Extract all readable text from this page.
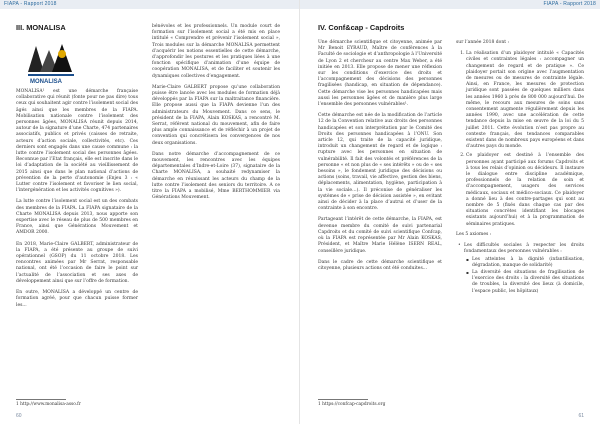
FIAPA - Rapport 2018
III. MONALISA
MONALISA

MONALISA¹ est une démarche française collaborative qui réunit (fonte pour ne pas dire) tous ceux qui souhaitent agir contre l’isolement social des âgés ainsi que les membres de la FIAPA. Mobilisation nationale contre l’isolement des personnes âgées, MONALISA réunit depuis 2014, autour de la signature d’une Charte, 474 partenaires associatifs, publics et privés (caisses de retraite, acteurs d’action sociale, collectivités, etc). Ces derniers sont engagés dans une cause commune : la lutte contre l’isolement social des personnes âgées. Reconnue par l’Etat français, elle est inscrite dans le loi d’adaptation de la société au vieillissement de 2015 ainsi que dans le plan national d’actions de prévention de la perte d’autonomie (Enjeu 3 : « Lutter contre l’isolement et favoriser le lien social, l’intergénération et les activités cognitives »).

La lutte contre l’isolement social est un des combats des membres de la FIAPA. La FIAPA signataire de la Charte MONALISA depuis 2013, nous apporte son expertise avec le réseau de plus de 500 membres en France, ainsi que Générations Mouvement et AMDOR 2000.

En 2018, Marie-Claire GALBERT, administrateur de la FIAPA, a été présente au groupe de suivi opérationnel (GSOP) du 11 octobre 2018. Les rencontres animées par Mr Serrat, responsable national, ont été l’occasion de faire le point sur l’actualité de l’association et ses axes de développement ainsi que sur l’offre de formation.

En outre, MONALISA a développé un centre de formation agréé, pour que chacun puisse former les...

bénévoles et les professionnels. Un module court de formation sur l’isolement social a été mis en place intitulé « Comprendre et prévenir l’isolement social », Trois modules sur la démarche MONALISA permettent d’acquérir les notions essentielles de cette démarche, d’approfondir les postures et les pratiques liées à une fonction spécifique d’animation d’une équipe de coopération MONALISA, et de faciliter et soutenir les dynamiques collectives d’engagement.

Marie-Claire GALBERT propose qu’une collaboration puisse être lancée avec les modules de formation déjà développés par la FIAPA sur la maltraitance financière. Elle propose aussi que la FIAPA devienne l’un des administrateurs du Mouvement. Dans ce sens, le président de la FIAPA, Alain KOSKAS, a rencontré M. Serrat, référent national du mouvement, afin de faire plus ample connaissance et de réfléchir à un projet de convention qui concrétisera les convergences de nos deux organisations.

Dans notre démarche d’accompagnement de ce mouvement, les rencontres avec les équipes départementales d’Indre-et-Loire (37), signataire de la Charte MONALISA, a souhaité redynamiser la démarche en réunissant les acteurs du champ de la lutte contre l’isolement des seniors du territoire. A ce titre la FIAPA a mobilisé, Mme BERTHOMMIER via Générations Mouvement.

1 http://www.monalisa-asso.fr
60
FIAPA - Rapport 2018
IV. Conf&cap - Capdroits

Une démarche scientifique et citoyenne, animée par Mr Benoit EYRAUD, Maître de conférences à la Faculté de sociologie et d’anthropologie à l’Université de Lyon 2 et chercheur au centre Max Weber, a été initiée en 2013. Elle propose de mener une réflexion sur les conditions d’exercice des droits et l’accompagnement des décisions des personnes fragilisées (handicap, en situation de dépendance). Cette démarche vise les personnes handicapées mais aussi les personnes âgées et de manière plus large l’ensemble des personnes vulnérables¹.

Cette démarche est née de la modification de l’article 12 de la Convention relative aux droits des personnes handicapées et son interprétation par le Comité des Droits des personnes handicapées à l’ONU. Son article 12, qui traite de la capacité juridique, introduit un changement de regard et de logique : rupture avec les personnes en situation de vulnérabilité. Il fait des volontés et préférences de la personne « et non plus de « ses intérêts » ou de « ses besoins », le fondement juridique des décisions ou actions (soins, travail, vie affective, gestion des biens, déplacements, alimentation, hygiène, participation à la vie sociale…). Il préconise de généraliser les systèmes de « prise de décision assistée », en evitant ainsi de décider à la place d’autrui et d’user de la contrainte à son encontre.

Partageant l’intérêt de cette démarche, la FIAPA, est devenue membre du comité de suivi partenarial Capdroits et du comité de suivi scientifique Confcap, où la FIAPA est représentée par Mr Alain KOSKAS, Président, et Maître Marie Hélène ISERN REAL, conseillère juridique.

Dans le cadre de cette démarche scientifique et citoyenne, plusieurs actions ont été conduites...

sur l’année 2018 dont :

1. La réalisation d’un plaidoyer intitulé « Capacités civiles et contraintes légales : accompagner un changement de regard et de pratique ». Ce plaidoyer portait son origine avec l’augmentation de mesures ou de mesures de contrainte légale. Ainsi, en France, les mesures de protection juridique sont passées de quelques milliers dans les années 1960 à près de 800 000 aujourd’hui. De même, le recours aux mesures de soins sans consentement augmente régulièrement depuis les années 1990, avec une accélération de cette tendance depuis la mise en œuvre de la loi du 5 juillet 2011. Cette évolution n’est pas propre au contexte français, des tendances comparables existent dans de nombreux pays européens et dans d’autres pays du monde.
2. Ce plaidoyer est destiné à l’ensemble des personnes ayant participé aux forums Capdroits et à tous les relais d’opinion ou décideurs. Il instaure le dialogue entre discipline académique, professionnels de la relation de soin et d’accompagnement, usagers des services médicaux, sociaux et médico-sociaux. Ce plaidoyer a donné lieu à des contre-partages qui sont au nombre de 5 (fixés dans chaque cas par des situations concrètes identifiant les blocages existants aujourd’hui) et à la programmation de séminaires pratiques.

Les 5 axiomes :

• Les difficultés sociales à respecter les droits fondamentaux des personnes vulnérables :
▪ Les atteintes à la dignité (infantilisation, dégradation, manque de solidarité)
▪ La diversité des situations de fragilisation de l’exercice des droits : la diversité des situations de troubles, la diversité des lieux (à domicile, l’espace public, les hôpitaux)
1 https://confcap-capdroits.org
61
